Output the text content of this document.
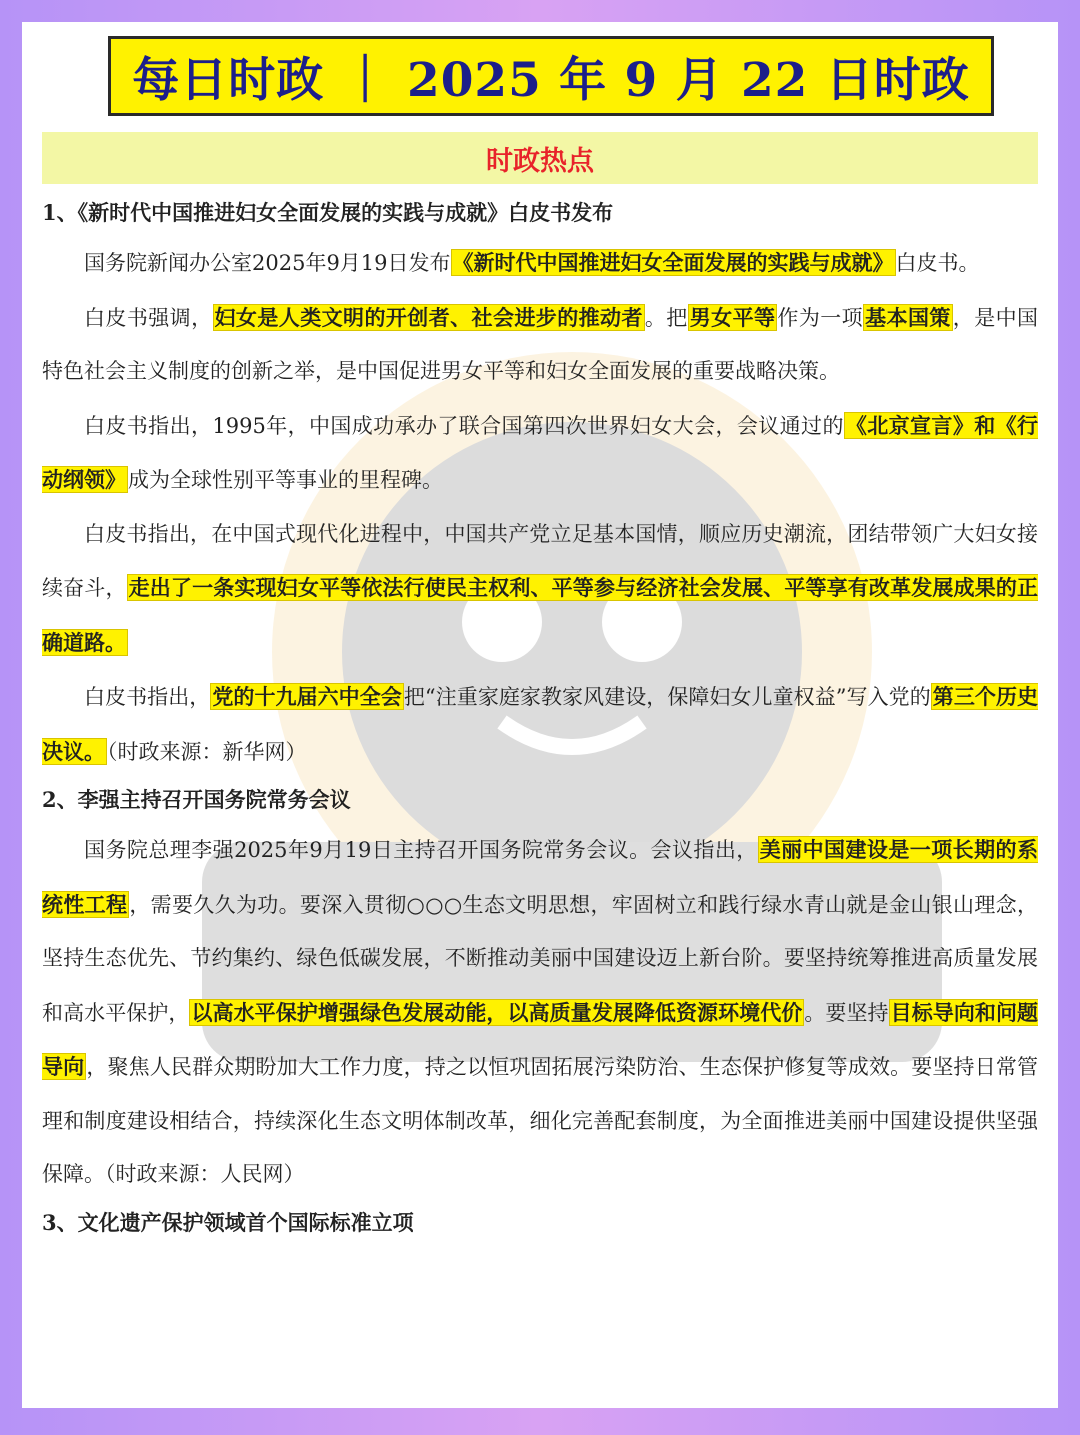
每日时政 ｜ 2025 年 9 月 22 日时政
时政热点

1、《新时代中国推进妇女全面发展的实践与成就》白皮书发布

国务院新闻办公室2025年9月19日发布《新时代中国推进妇女全面发展的实践与成就》白皮书。

白皮书强调，妇女是人类文明的开创者、社会进步的推动者。把男女平等作为一项基本国策，是中国特色社会主义制度的创新之举，是中国促进男女平等和妇女全面发展的重要战略决策。

白皮书指出，1995年，中国成功承办了联合国第四次世界妇女大会，会议通过的《北京宣言》和《行动纲领》成为全球性别平等事业的里程碑。

白皮书指出，在中国式现代化进程中，中国共产党立足基本国情，顺应历史潮流，团结带领广大妇女接续奋斗，走出了一条实现妇女平等依法行使民主权利、平等参与经济社会发展、平等享有改革发展成果的正确道路。

白皮书指出，党的十九届六中全会把“注重家庭家教家风建设，保障妇女儿童权益”写入党的第三个历史决议。（时政来源：新华网）

2、李强主持召开国务院常务会议

国务院总理李强2025年9月19日主持召开国务院常务会议。会议指出，美丽中国建设是一项长期的系统性工程，需要久久为功。要深入贯彻○○○生态文明思想，牢固树立和践行绿水青山就是金山银山理念，坚持生态优先、节约集约、绿色低碳发展，不断推动美丽中国建设迈上新台阶。要坚持统筹推进高质量发展和高水平保护，以高水平保护增强绿色发展动能，以高质量发展降低资源环境代价。要坚持目标导向和问题导向，聚焦人民群众期盼加大工作力度，持之以恒巩固拓展污染防治、生态保护修复等成效。要坚持日常管理和制度建设相结合，持续深化生态文明体制改革，细化完善配套制度，为全面推进美丽中国建设提供坚强保障。（时政来源：人民网）

3、文化遗产保护领域首个国际标准立项
